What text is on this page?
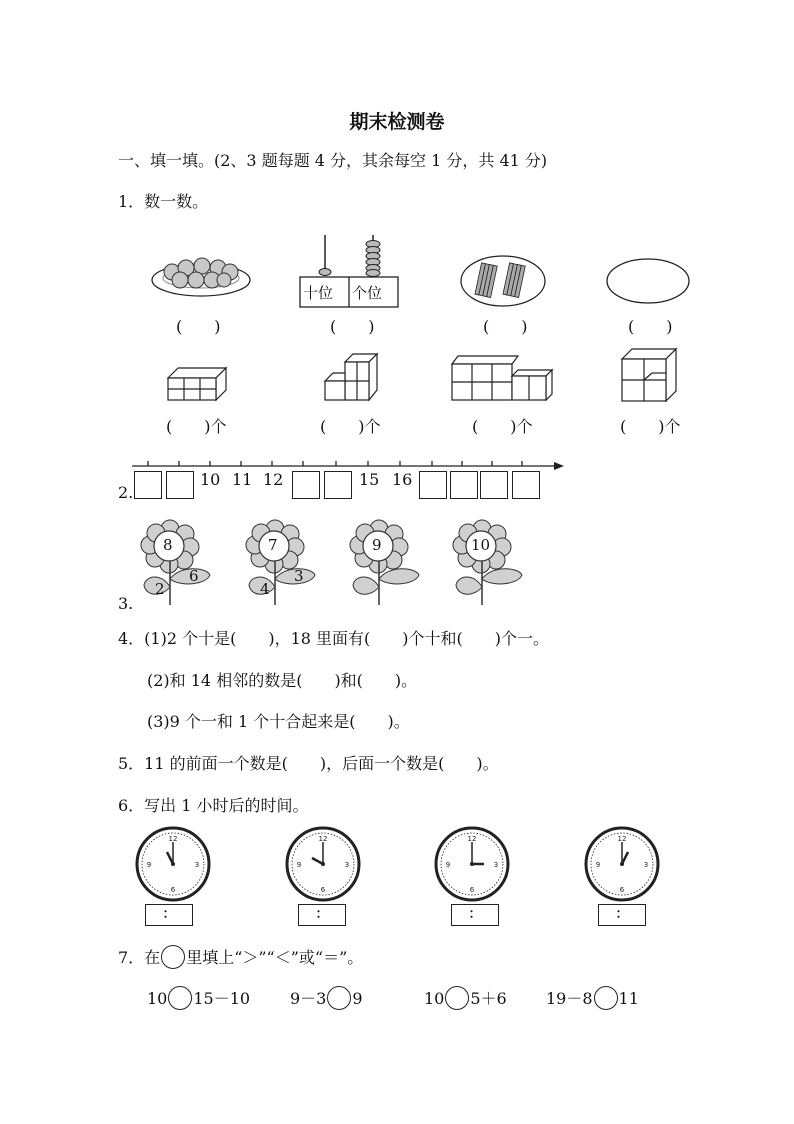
期末检测卷
一、填一填。(2、3 题每题 4 分，其余每空 1 分，共 41 分)
1．数一数。
十位 个位
(　　)	(　　)	(　　)	(　　)
(　　)个	(　　)个	(　　)个	(　　)个
2.
10 11 12	15 16
3.
8
2
6
7
4
3
9	10
4．(1)2 个十是(　　)，18 里面有(　　)个十和(　　)个一。
(2)和 14 相邻的数是(　　)和(　　)。
(3)9 个一和 1 个十合起来是(　　)。
5．11 的前面一个数是(　　)，后面一个数是(　　)。
6．写出 1 小时后的时间。
12
3
6
9
：
12
3
6
9
：
12
3
6
9
：
12
3
6
9
：
7．在 里填上“＞”“＜”或“＝”。
10 15－10 9－3 9	10 5＋6 19－8 11
